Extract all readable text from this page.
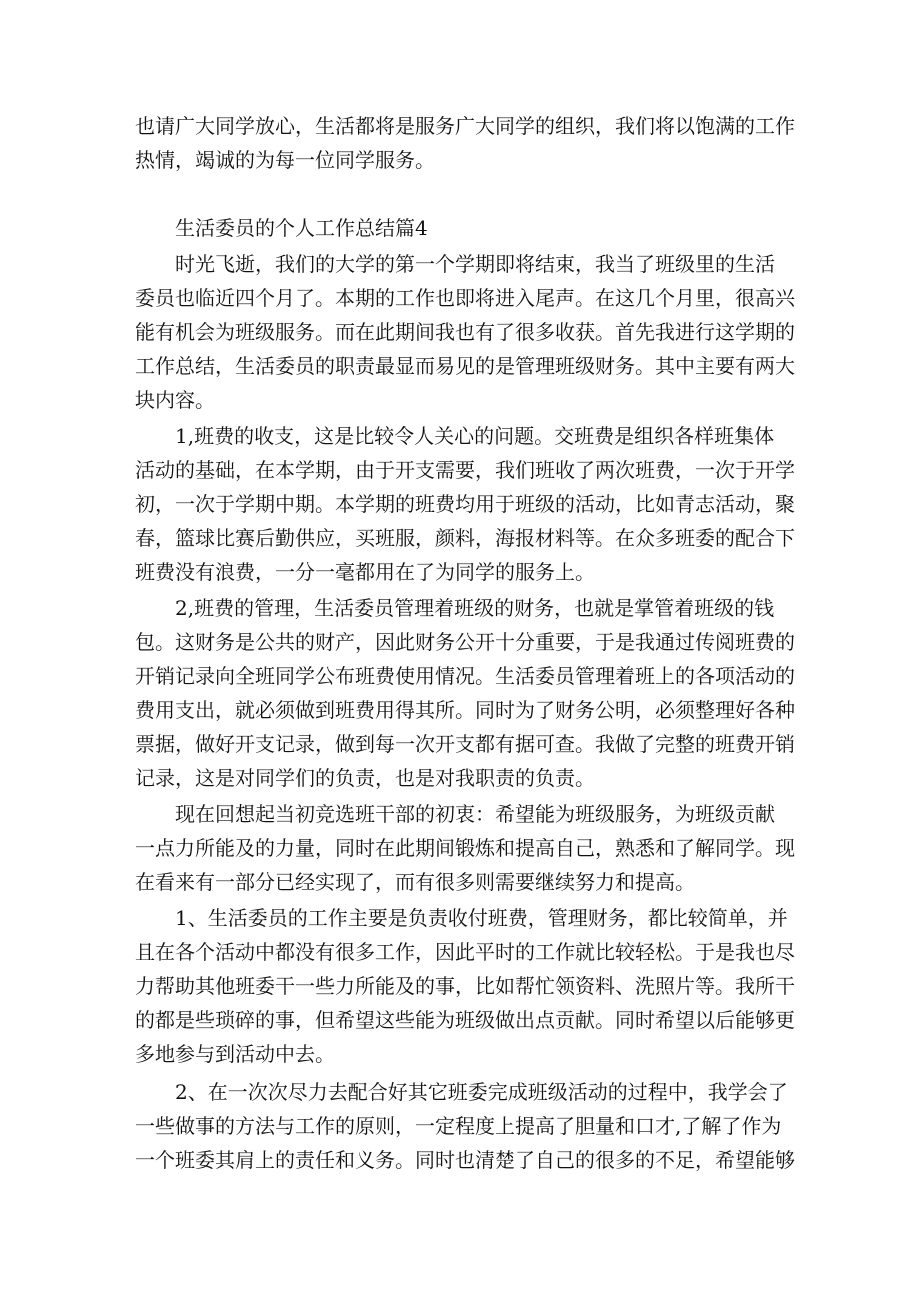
也请广大同学放心，生活都将是服务广大同学的组织，我们将以饱满的工作
热情，竭诚的为每一位同学服务。
生活委员的个人工作总结篇4
时光飞逝，我们的大学的第一个学期即将结束，我当了班级里的生活
委员也临近四个月了。本期的工作也即将进入尾声。在这几个月里，很高兴
能有机会为班级服务。而在此期间我也有了很多收获。首先我进行这学期的
工作总结，生活委员的职责最显而易见的是管理班级财务。其中主要有两大
块内容。
1,班费的收支，这是比较令人关心的问题。交班费是组织各样班集体
活动的基础，在本学期，由于开支需要，我们班收了两次班费，一次于开学
初，一次于学期中期。本学期的班费均用于班级的活动，比如青志活动，聚
春，篮球比赛后勤供应，买班服，颜料，海报材料等。在众多班委的配合下
班费没有浪费，一分一毫都用在了为同学的服务上。
2,班费的管理，生活委员管理着班级的财务，也就是掌管着班级的钱
包。这财务是公共的财产，因此财务公开十分重要，于是我通过传阅班费的
开销记录向全班同学公布班费使用情况。生活委员管理着班上的各项活动的
费用支出，就必须做到班费用得其所。同时为了财务公明，必须整理好各种
票据，做好开支记录，做到每一次开支都有据可查。我做了完整的班费开销
记录，这是对同学们的负责，也是对我职责的负责。
现在回想起当初竞选班干部的初衷：希望能为班级服务，为班级贡献
一点力所能及的力量，同时在此期间锻炼和提高自己，熟悉和了解同学。现
在看来有一部分已经实现了，而有很多则需要继续努力和提高。
1、生活委员的工作主要是负责收付班费，管理财务，都比较简单，并
且在各个活动中都没有很多工作，因此平时的工作就比较轻松。于是我也尽
力帮助其他班委干一些力所能及的事，比如帮忙领资料、洗照片等。我所干
的都是些琐碎的事，但希望这些能为班级做出点贡献。同时希望以后能够更
多地参与到活动中去。
2、在一次次尽力去配合好其它班委完成班级活动的过程中，我学会了
一些做事的方法与工作的原则，一定程度上提高了胆量和口才,了解了作为
一个班委其肩上的责任和义务。同时也清楚了自己的很多的不足，希望能够
